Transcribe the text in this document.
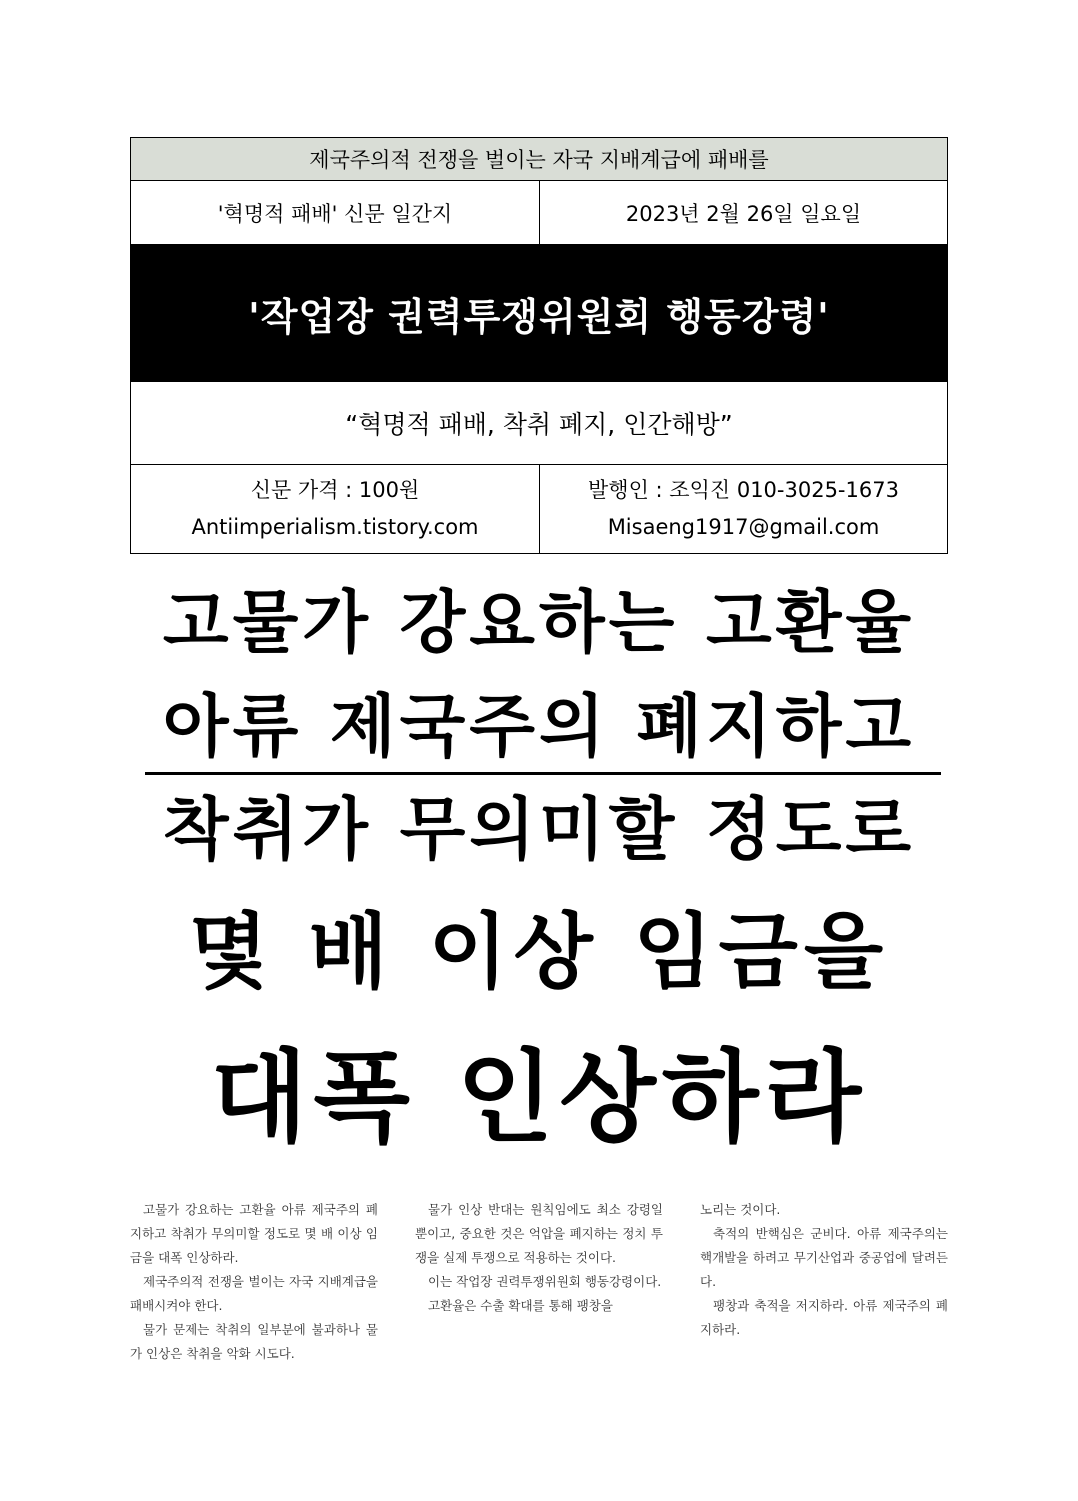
제국주의적 전쟁을 벌이는 자국 지배계급에 패배를
'혁명적 패배' 신문 일간지	2023년 2월 26일 일요일
'작업장 권력투쟁위원회 행동강령'
“혁명적 패배, 착취 폐지, 인간해방”
신문 가격 : 100원
Antiimperialism.tistory.com
발행인 : 조익진 010-3025-1673
Misaeng1917@gmail.com
고물가 강요하는 고환율
아류 제국주의 폐지하고
착취가 무의미할 정도로
몇 배 이상 임금을
대폭 인상하라

고물가 강요하는 고환율 아류 제국주의 폐지하고 착취가 무의미할 정도로 몇 배 이상 임금을 대폭 인상하라.

제국주의적 전쟁을 벌이는 자국 지배계급을 패배시켜야 한다.

물가 문제는 착취의 일부분에 불과하나 물가 인상은 착취을 악화 시도다.

물가 인상 반대는 원칙임에도 최소 강령일 뿐이고, 중요한 것은 억압을 폐지하는 정치 투쟁을 실제 투쟁으로 적용하는 것이다.

이는 작업장 권력투쟁위원회 행동강령이다.

고환율은 수출 확대를 통해 팽창을

노리는 것이다.

축적의 반핵심은 군비다. 아류 제국주의는 핵개발을 하려고 무기산업과 중공업에 달려든다.

팽창과 축적을 저지하라. 아류 제국주의 폐지하라.
